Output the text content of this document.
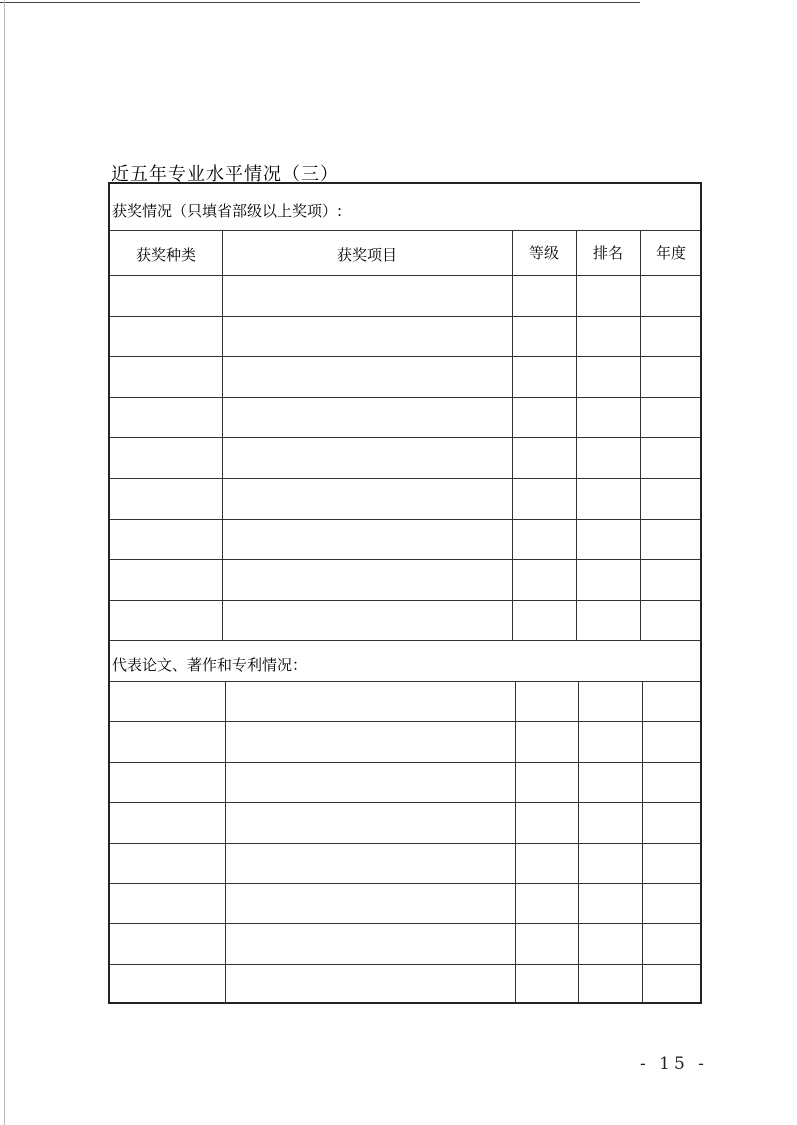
近五年专业水平情况（三）
获奖情况（只填省部级以上奖项）:
获奖种类	获奖项目	等级	排名	年度
代表论文、著作和专利情况：
- 15 -
